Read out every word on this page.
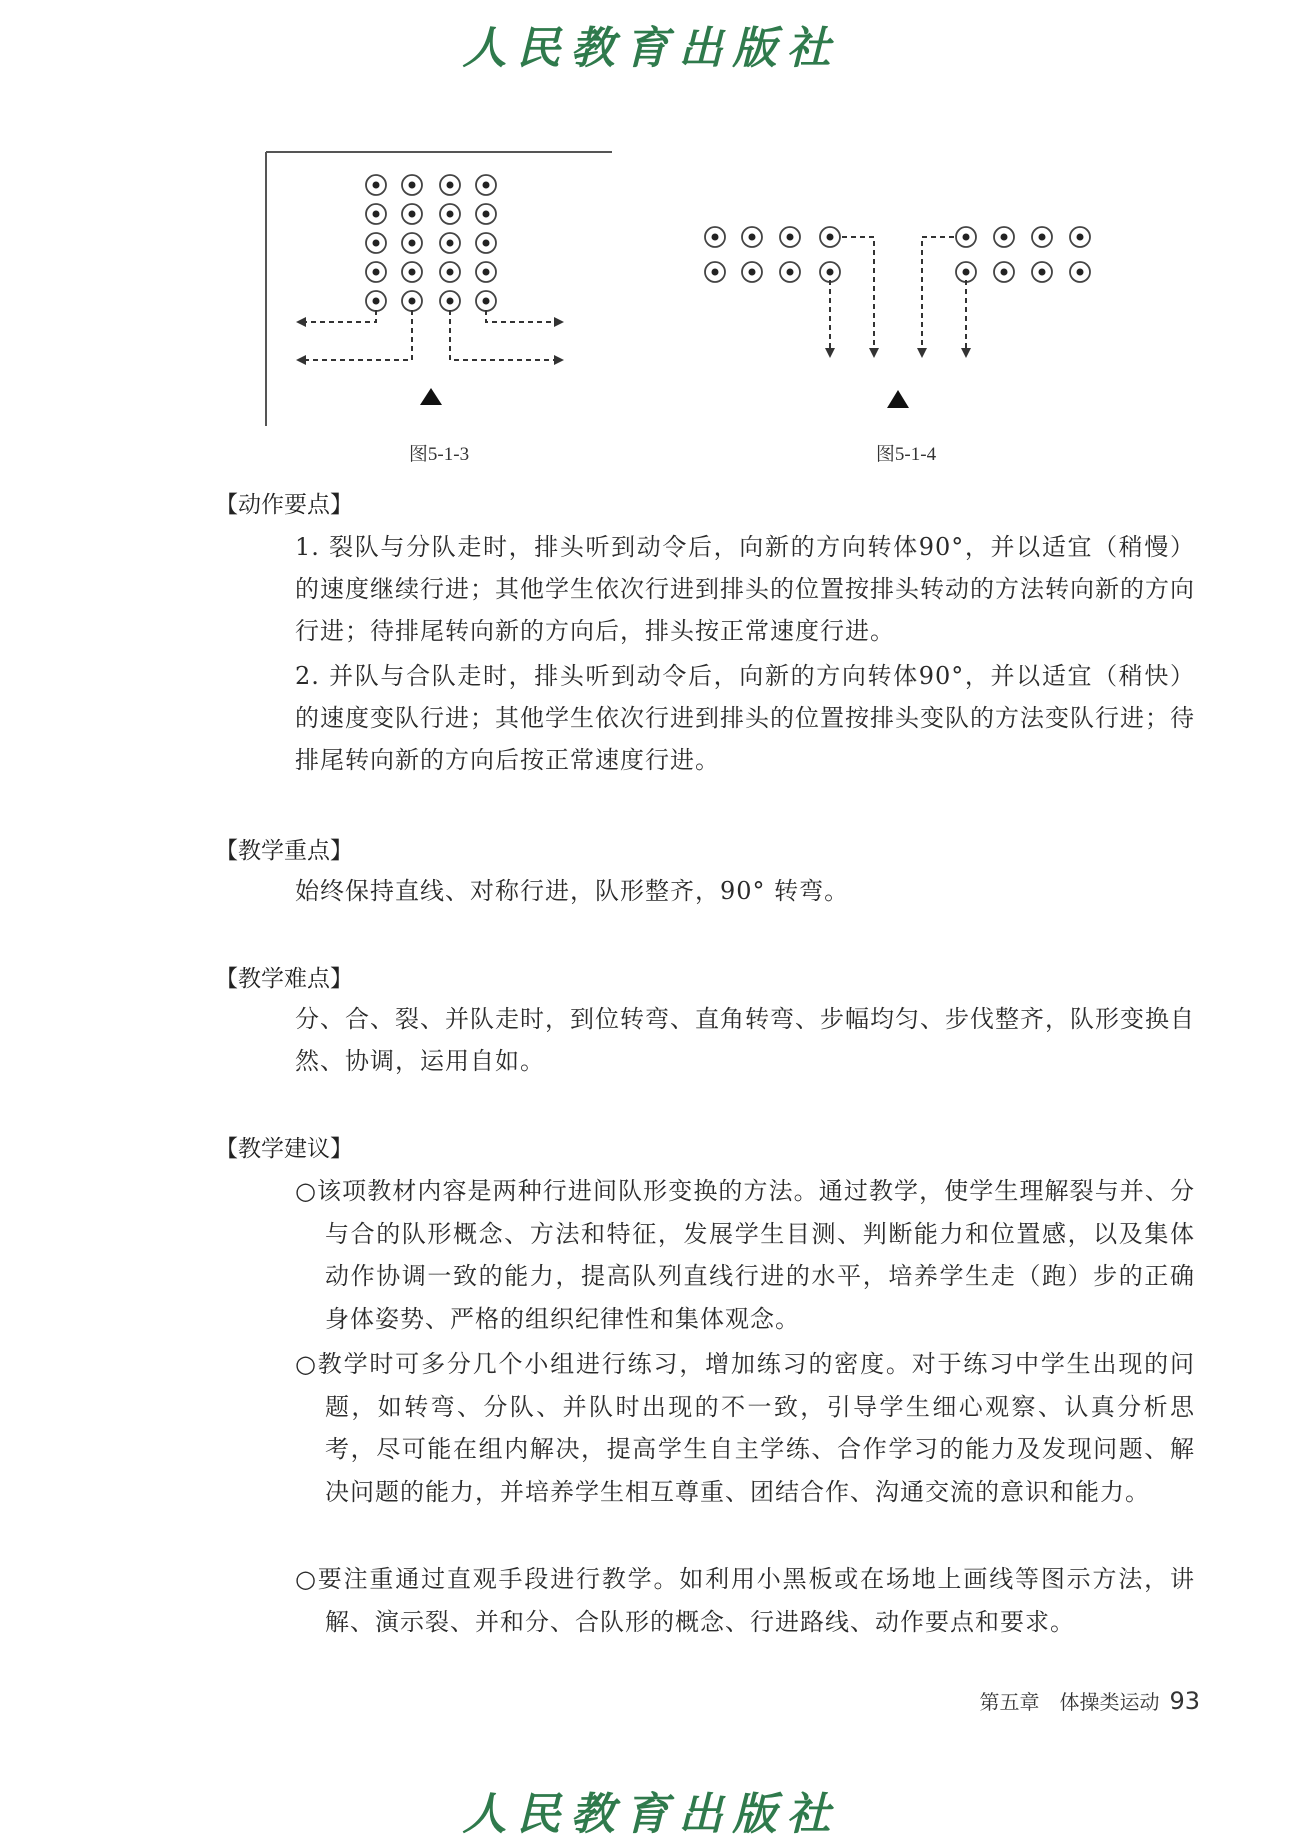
人民教育出版社
图5-1-3	图5-1-4
【动作要点】
1. 裂队与分队走时，排头听到动令后，向新的方向转体90°，并以适宜（稍慢）的速度继续行进；其他学生依次行进到排头的位置按排头转动的方法转向新的方向行进；待排尾转向新的方向后，排头按正常速度行进。
2. 并队与合队走时，排头听到动令后，向新的方向转体90°，并以适宜（稍快）的速度变队行进；其他学生依次行进到排头的位置按排头变队的方法变队行进；待排尾转向新的方向后按正常速度行进。
【教学重点】
始终保持直线、对称行进，队形整齐，90° 转弯。
【教学难点】
分、合、裂、并队走时，到位转弯、直角转弯、步幅均匀、步伐整齐，队形变换自然、协调，运用自如。
【教学建议】
○该项教材内容是两种行进间队形变换的方法。通过教学，使学生理解裂与并、分与合的队形概念、方法和特征，发展学生目测、判断能力和位置感，以及集体动作协调一致的能力，提高队列直线行进的水平，培养学生走（跑）步的正确身体姿势、严格的组织纪律性和集体观念。
○教学时可多分几个小组进行练习，增加练习的密度。对于练习中学生出现的问题，如转弯、分队、并队时出现的不一致，引导学生细心观察、认真分析思考，尽可能在组内解决，提高学生自主学练、合作学习的能力及发现问题、解决问题的能力，并培养学生相互尊重、团结合作、沟通交流的意识和能力。
○要注重通过直观手段进行教学。如利用小黑板或在场地上画线等图示方法，讲解、演示裂、并和分、合队形的概念、行进路线、动作要点和要求。
第五章　体操类运动 93
人民教育出版社
